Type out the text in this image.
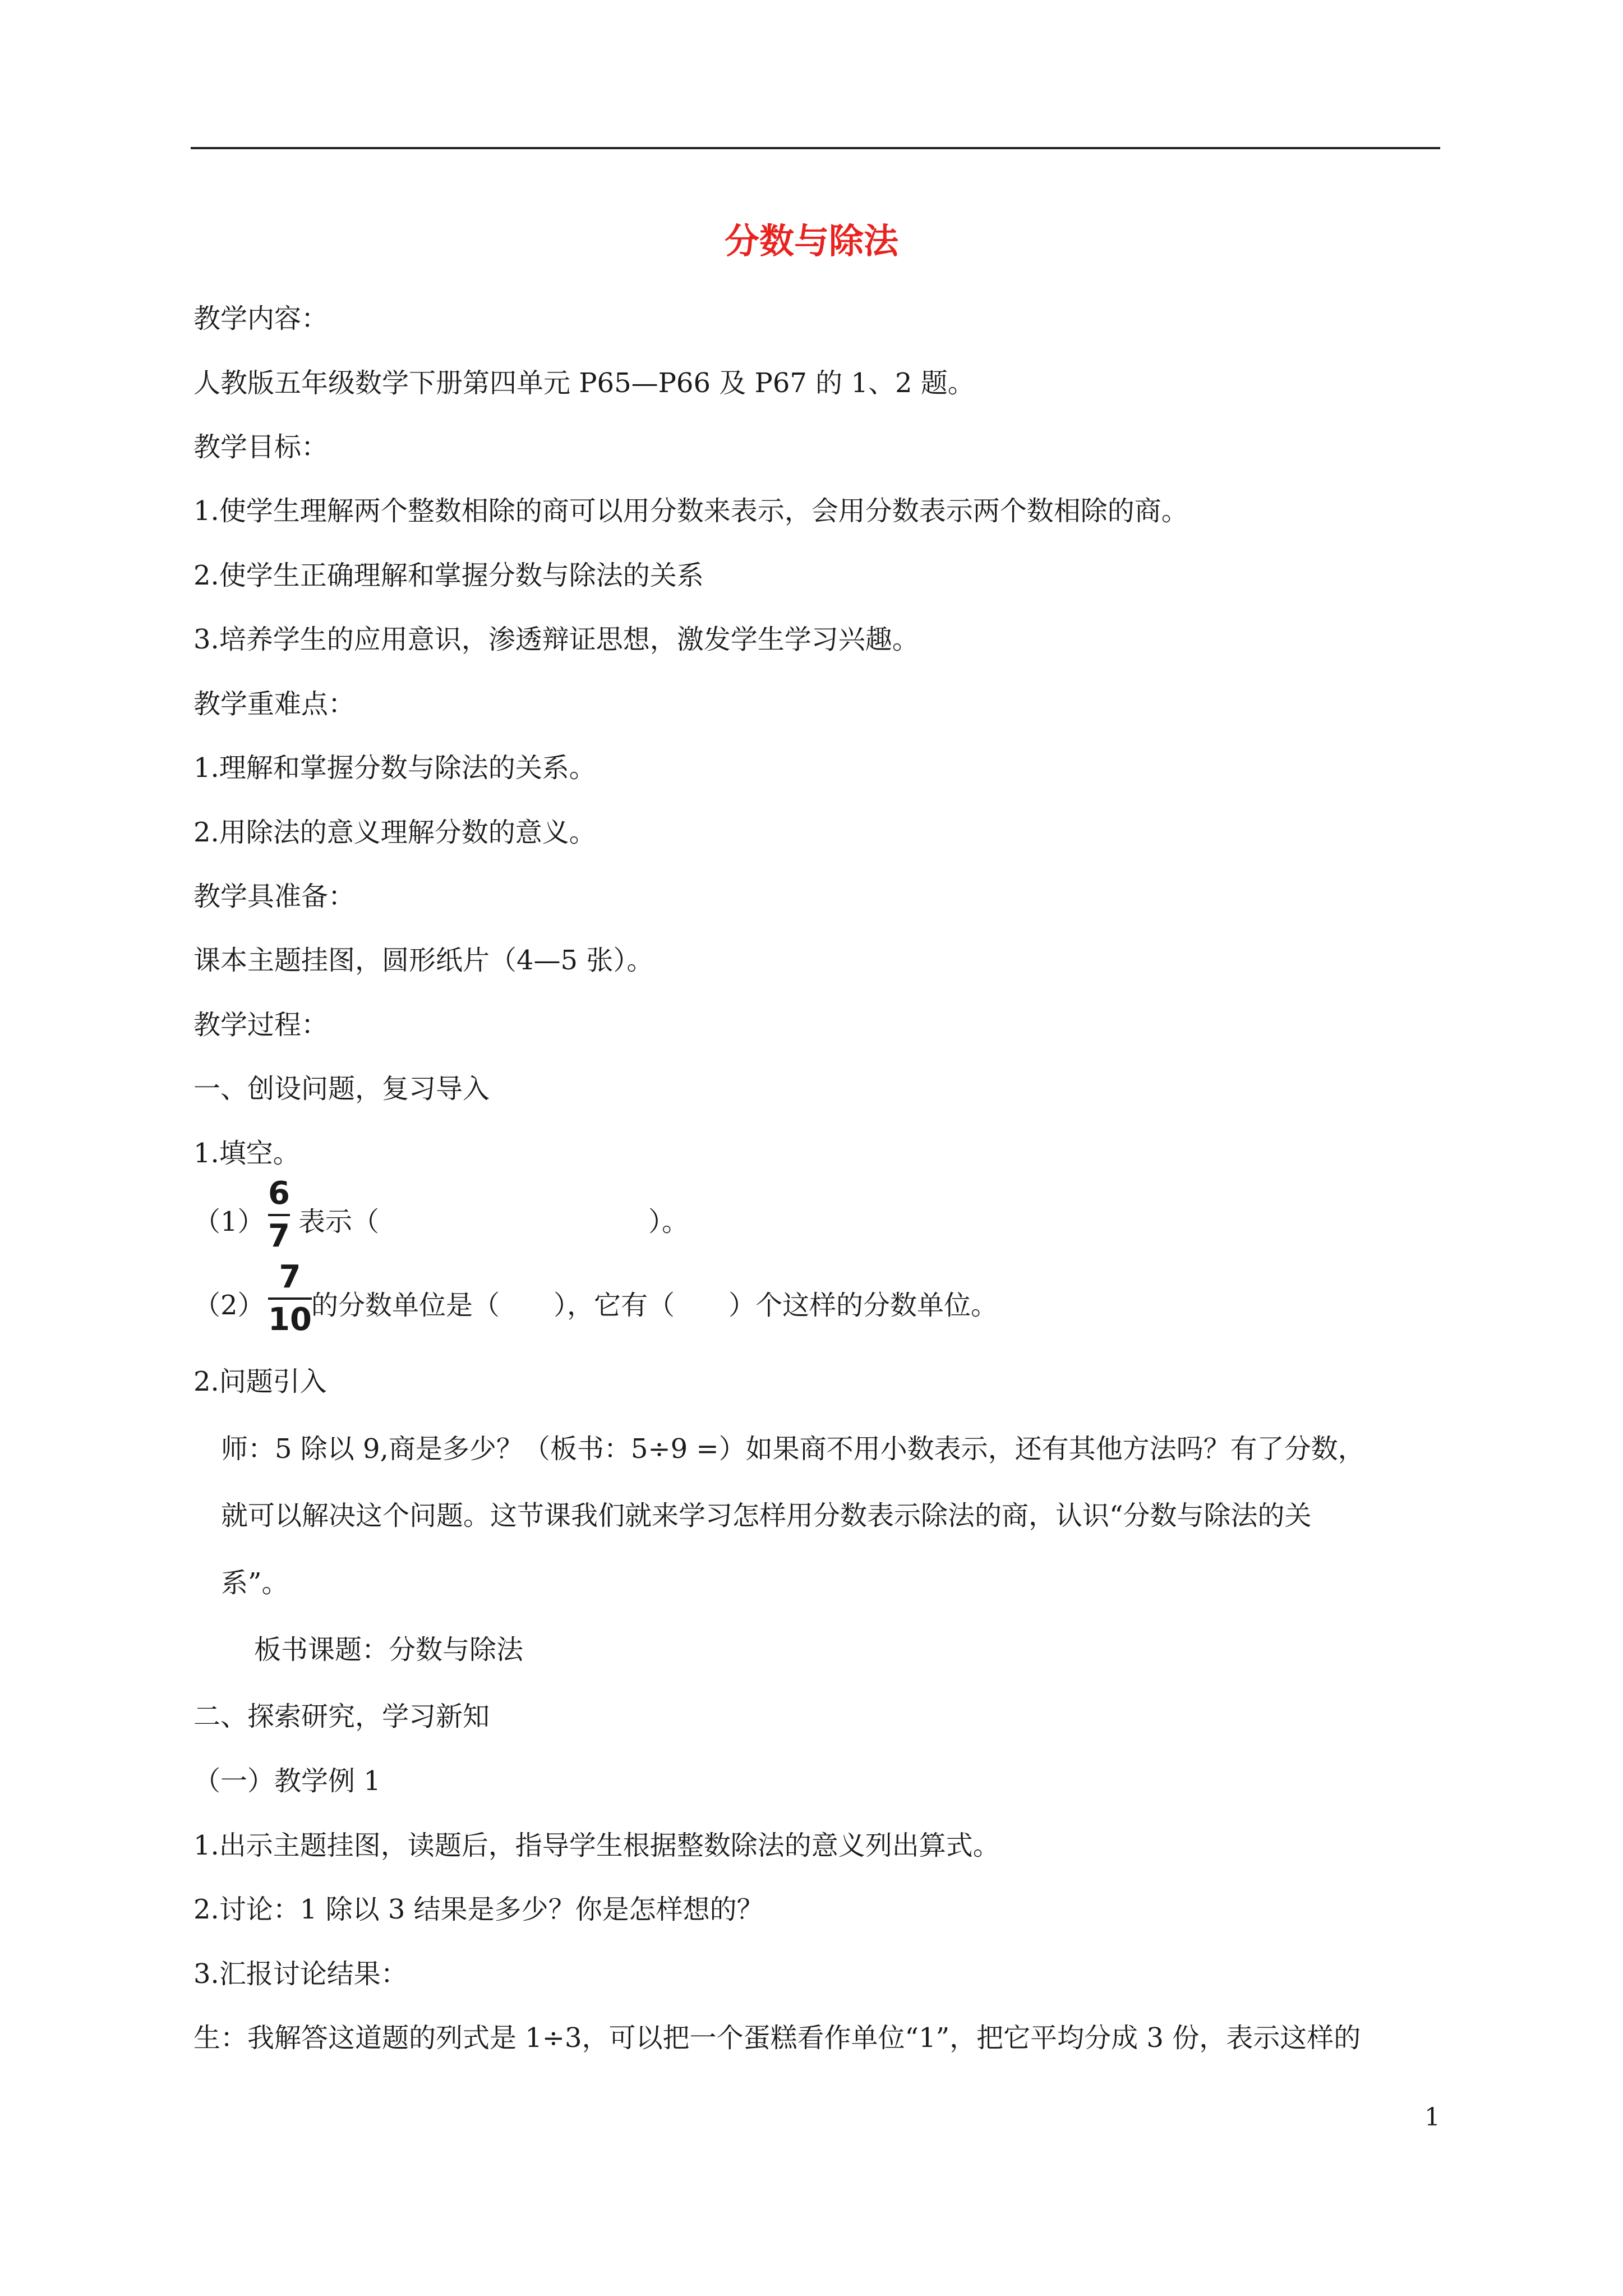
分数与除法
教学内容：
人教版五年级数学下册第四单元 P65—P66 及 P67 的 1、2 题。
教学目标：
1.使学生理解两个整数相除的商可以用分数来表示，会用分数表示两个数相除的商。
2.使学生正确理解和掌握分数与除法的关系
3.培养学生的应用意识，渗透辩证思想，激发学生学习兴趣。
教学重难点：
1.理解和掌握分数与除法的关系。
2.用除法的意义理解分数的意义。
教学具准备：
课本主题挂图，圆形纸片（4—5 张）。
教学过程：
一、创设问题，复习导入
1.填空。
（1）
6
7 表示（　　　　　　　　　　）。
（2）
7
10 的分数单位是（　　），它有（　　）个这样的分数单位。
2.问题引入
师：5 除以 9,商是多少？（板书：5÷9 =）如果商不用小数表示，还有其他方法吗？有了分数，
就可以解决这个问题。这节课我们就来学习怎样用分数表示除法的商，认识“分数与除法的关
系”。
板书课题：分数与除法
二、探索研究，学习新知
（一）教学例 1
1.出示主题挂图，读题后，指导学生根据整数除法的意义列出算式。
2.讨论：1 除以 3 结果是多少？你是怎样想的？
3.汇报讨论结果：
生：我解答这道题的列式是 1÷3，可以把一个蛋糕看作单位“1”，把它平均分成 3 份，表示这样的
1
